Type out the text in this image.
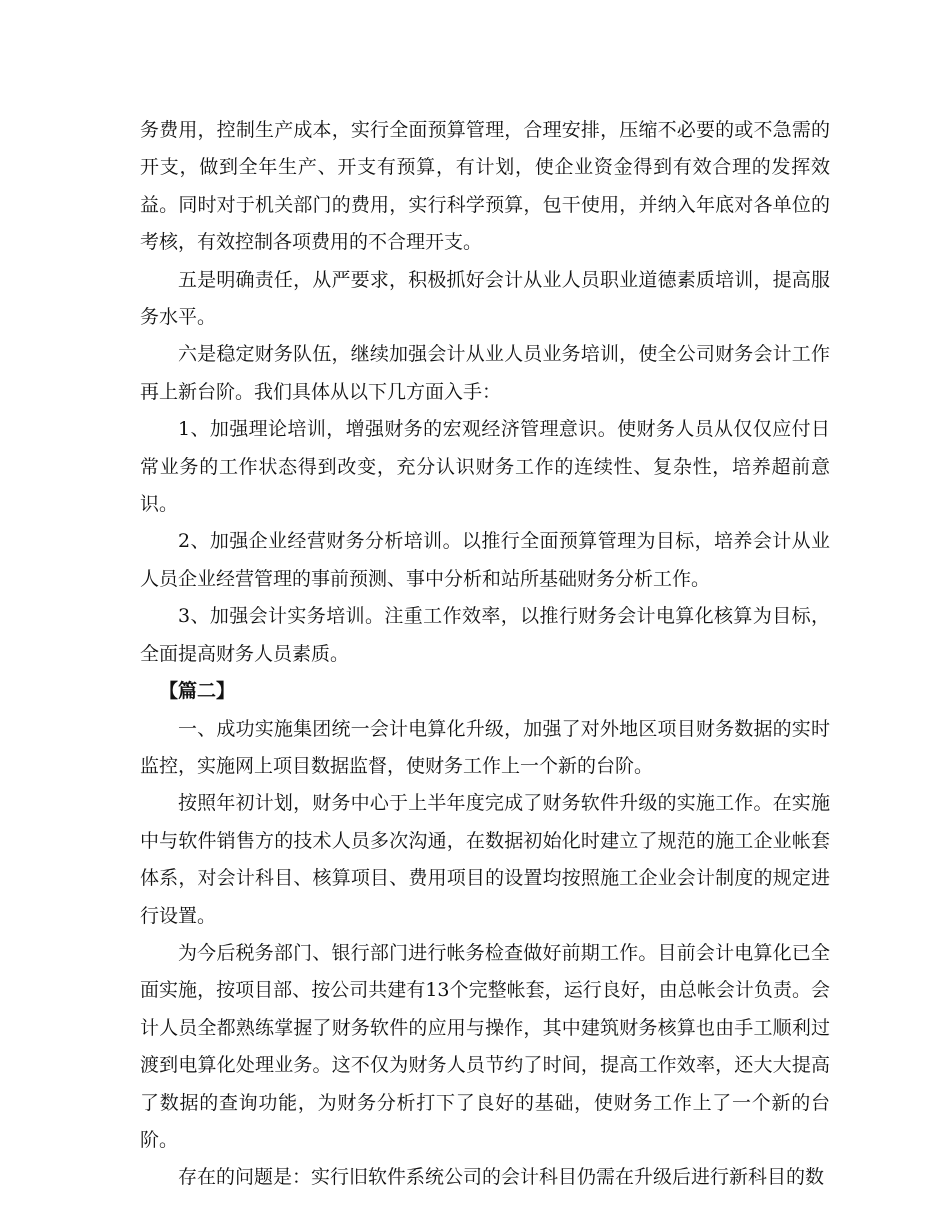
务费用，控制生产成本，实行全面预算管理，合理安排，压缩不必要的或不急需的开支，做到全年生产、开支有预算，有计划，使企业资金得到有效合理的发挥效益。同时对于机关部门的费用，实行科学预算，包干使用，并纳入年底对各单位的考核，有效控制各项费用的不合理开支。

五是明确责任，从严要求，积极抓好会计从业人员职业道德素质培训，提高服务水平。

六是稳定财务队伍，继续加强会计从业人员业务培训，使全公司财务会计工作再上新台阶。我们具体从以下几方面入手：

1、加强理论培训，增强财务的宏观经济管理意识。使财务人员从仅仅应付日常业务的工作状态得到改变，充分认识财务工作的连续性、复杂性，培养超前意识。

2、加强企业经营财务分析培训。以推行全面预算管理为目标，培养会计从业人员企业经营管理的事前预测、事中分析和站所基础财务分析工作。

3、加强会计实务培训。注重工作效率，以推行财务会计电算化核算为目标，全面提高财务人员素质。

【篇二】

一、成功实施集团统一会计电算化升级，加强了对外地区项目财务数据的实时监控，实施网上项目数据监督，使财务工作上一个新的台阶。

按照年初计划，财务中心于上半年度完成了财务软件升级的实施工作。在实施中与软件销售方的技术人员多次沟通，在数据初始化时建立了规范的施工企业帐套体系，对会计科目、核算项目、费用项目的设置均按照施工企业会计制度的规定进行设置。

为今后税务部门、银行部门进行帐务检查做好前期工作。目前会计电算化已全面实施，按项目部、按公司共建有13个完整帐套，运行良好，由总帐会计负责。会计人员全都熟练掌握了财务软件的应用与操作，其中建筑财务核算也由手工顺利过渡到电算化处理业务。这不仅为财务人员节约了时间，提高工作效率，还大大提高了数据的查询功能，为财务分析打下了良好的基础，使财务工作上了一个新的台阶。

存在的问题是：实行旧软件系统公司的会计科目仍需在升级后进行新科目的数
